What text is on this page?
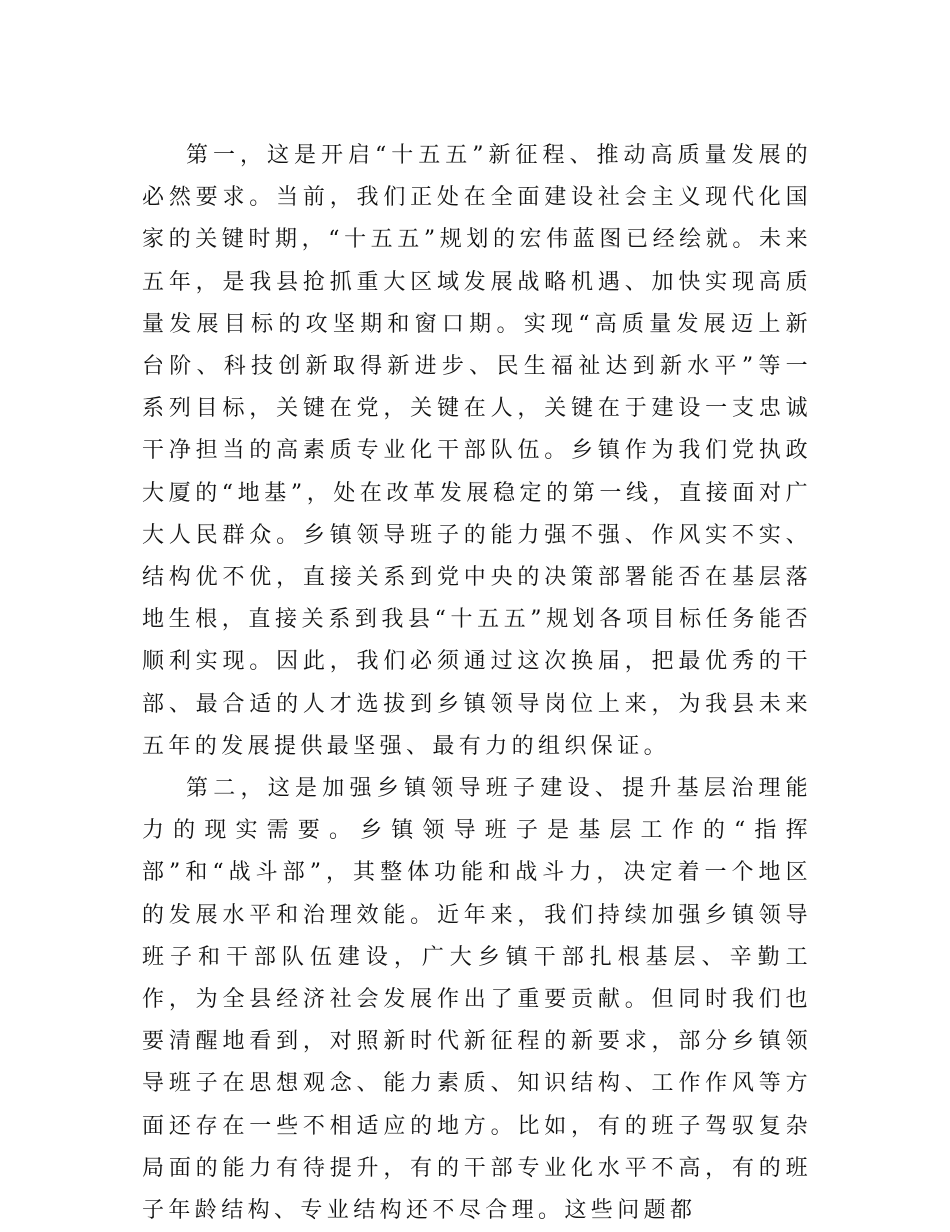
第一，这是开启“十五五”新征程、推动高质量发展的必然要求。当前，我们正处在全面建设社会主义现代化国家的关键时期，“十五五”规划的宏伟蓝图已经绘就。未来五年，是我县抢抓重大区域发展战略机遇、加快实现高质量发展目标的攻坚期和窗口期。实现“高质量发展迈上新台阶、科技创新取得新进步、民生福祉达到新水平”等一系列目标，关键在党，关键在人，关键在于建设一支忠诚干净担当的高素质专业化干部队伍。乡镇作为我们党执政大厦的“地基”，处在改革发展稳定的第一线，直接面对广大人民群众。乡镇领导班子的能力强不强、作风实不实、结构优不优，直接关系到党中央的决策部署能否在基层落地生根，直接关系到我县“十五五”规划各项目标任务能否顺利实现。因此，我们必须通过这次换届，把最优秀的干部、最合适的人才选拔到乡镇领导岗位上来，为我县未来五年的发展提供最坚强、最有力的组织保证。

第二，这是加强乡镇领导班子建设、提升基层治理能力的现实需要。乡镇领导班子是基层工作的“指挥部”和“战斗部”，其整体功能和战斗力，决定着一个地区的发展水平和治理效能。近年来，我们持续加强乡镇领导班子和干部队伍建设，广大乡镇干部扎根基层、辛勤工作，为全县经济社会发展作出了重要贡献。但同时我们也要清醒地看到，对照新时代新征程的新要求，部分乡镇领导班子在思想观念、能力素质、知识结构、工作作风等方面还存在一些不相适应的地方。比如，有的班子驾驭复杂局面的能力有待提升，有的干部专业化水平不高，有的班子年龄结构、专业结构还不尽合理。这些问题都
